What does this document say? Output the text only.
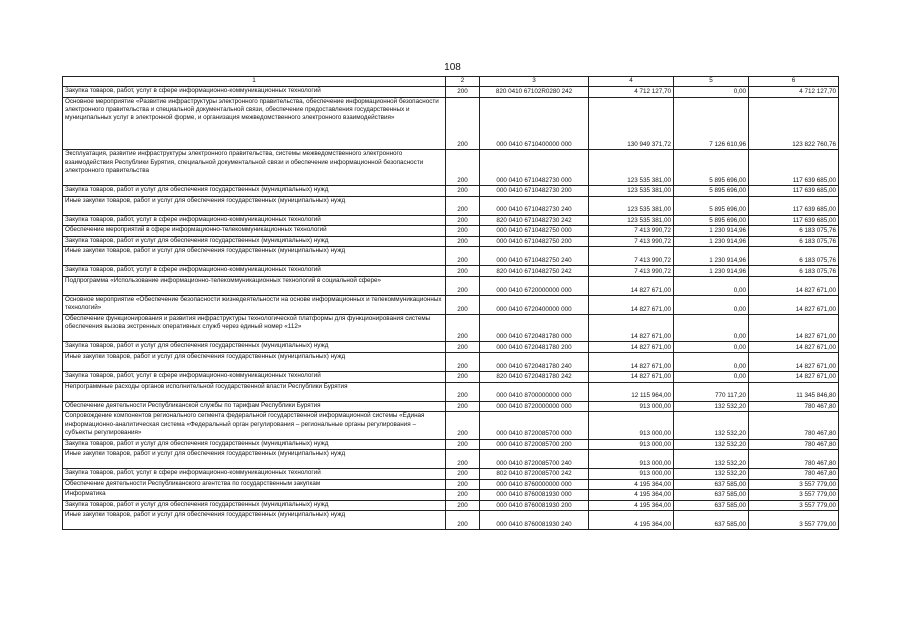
108
1	2	3	4	5	6
Закупка товаров, работ, услуг в сфере информационно-коммуникационных технологий	200	820 0410 67102R0280 242	4 712 127,70	0,00	4 712 127,70
Основное мероприятие «Развитие инфраструктуры электронного правительства, обеспечение информационной безопасности электронного правительства и специальной документальной связи, обеспечение предоставления государственных и муниципальных услуг в электронной форме, и организация межведомственного электронного взаимодействия»	200	000 0410 6710400000 000	130 949 371,72	7 126 610,96	123 822 760,76
Эксплуатация, развитие инфраструктуры электронного правительства, системы межведомственного электронного взаимодействия Республики Бурятия, специальной документальной связи и обеспечение информационной безопасности электронного правительства	200	000 0410 6710482730 000	123 535 381,00	5 895 696,00	117 639 685,00
Закупка товаров, работ и услуг для обеспечения государственных (муниципальных) нужд	200	000 0410 6710482730 200	123 535 381,00	5 895 696,00	117 639 685,00
Иные закупки товаров, работ и услуг для обеспечения государственных (муниципальных) нужд	200	000 0410 6710482730 240	123 535 381,00	5 895 696,00	117 639 685,00
Закупка товаров, работ, услуг в сфере информационно-коммуникационных технологий	200	820 0410 6710482730 242	123 535 381,00	5 895 696,00	117 639 685,00
Обеспечение мероприятий в сфере информационно-телекоммуникационных технологий	200	000 0410 6710482750 000	7 413 990,72	1 230 914,96	6 183 075,76
Закупка товаров, работ и услуг для обеспечения государственных (муниципальных) нужд	200	000 0410 6710482750 200	7 413 990,72	1 230 914,96	6 183 075,76
Иные закупки товаров, работ и услуг для обеспечения государственных (муниципальных) нужд	200	000 0410 6710482750 240	7 413 990,72	1 230 914,96	6 183 075,76
Закупка товаров, работ, услуг в сфере информационно-коммуникационных технологий	200	820 0410 6710482750 242	7 413 990,72	1 230 914,96	6 183 075,76
Подпрограмма «Использование информационно-телекоммуникационных технологий в социальной сфере»	200	000 0410 6720000000 000	14 827 671,00	0,00	14 827 671,00
Основное мероприятие «Обеспечение безопасности жизнедеятельности на основе информационных и телекоммуникационных технологий»	200	000 0410 6720400000 000	14 827 671,00	0,00	14 827 671,00
Обеспечение функционирования и развития инфраструктуры технологической платформы для функционирования системы обеспечения вызова экстренных оперативных служб через единый номер «112»	200	000 0410 6720481780 000	14 827 671,00	0,00	14 827 671,00
Закупка товаров, работ и услуг для обеспечения государственных (муниципальных) нужд	200	000 0410 6720481780 200	14 827 671,00	0,00	14 827 671,00
Иные закупки товаров, работ и услуг для обеспечения государственных (муниципальных) нужд	200	000 0410 6720481780 240	14 827 671,00	0,00	14 827 671,00
Закупка товаров, работ, услуг в сфере информационно-коммуникационных технологий	200	820 0410 6720481780 242	14 827 671,00	0,00	14 827 671,00
Непрограммные расходы органов исполнительной государственной власти Республики Бурятия	200	000 0410 8700000000 000	12 115 964,00	770 117,20	11 345 846,80
Обеспечение деятельности Республиканской службы по тарифам Республики Бурятия	200	000 0410 8720000000 000	913 000,00	132 532,20	780 467,80
Сопровождение компонентов регионального сегмента федеральной государственной информационной системы «Единая информационно-аналитическая система «Федеральный орган регулирования – региональные органы регулирования – субъекты регулирования»	200	000 0410 8720085700 000	913 000,00	132 532,20	780 467,80
Закупка товаров, работ и услуг для обеспечения государственных (муниципальных) нужд	200	000 0410 8720085700 200	913 000,00	132 532,20	780 467,80
Иные закупки товаров, работ и услуг для обеспечения государственных (муниципальных) нужд	200	000 0410 8720085700 240	913 000,00	132 532,20	780 467,80
Закупка товаров, работ, услуг в сфере информационно-коммуникационных технологий	200	802 0410 8720085700 242	913 000,00	132 532,20	780 467,80
Обеспечение деятельности Республиканского агентства по государственным закупкам	200	000 0410 8760000000 000	4 195 364,00	637 585,00	3 557 779,00
Информатика	200	000 0410 8760081930 000	4 195 364,00	637 585,00	3 557 779,00
Закупка товаров, работ и услуг для обеспечения государственных (муниципальных) нужд	200	000 0410 8760081930 200	4 195 364,00	637 585,00	3 557 779,00
Иные закупки товаров, работ и услуг для обеспечения государственных (муниципальных) нужд	200	000 0410 8760081930 240	4 195 364,00	637 585,00	3 557 779,00
